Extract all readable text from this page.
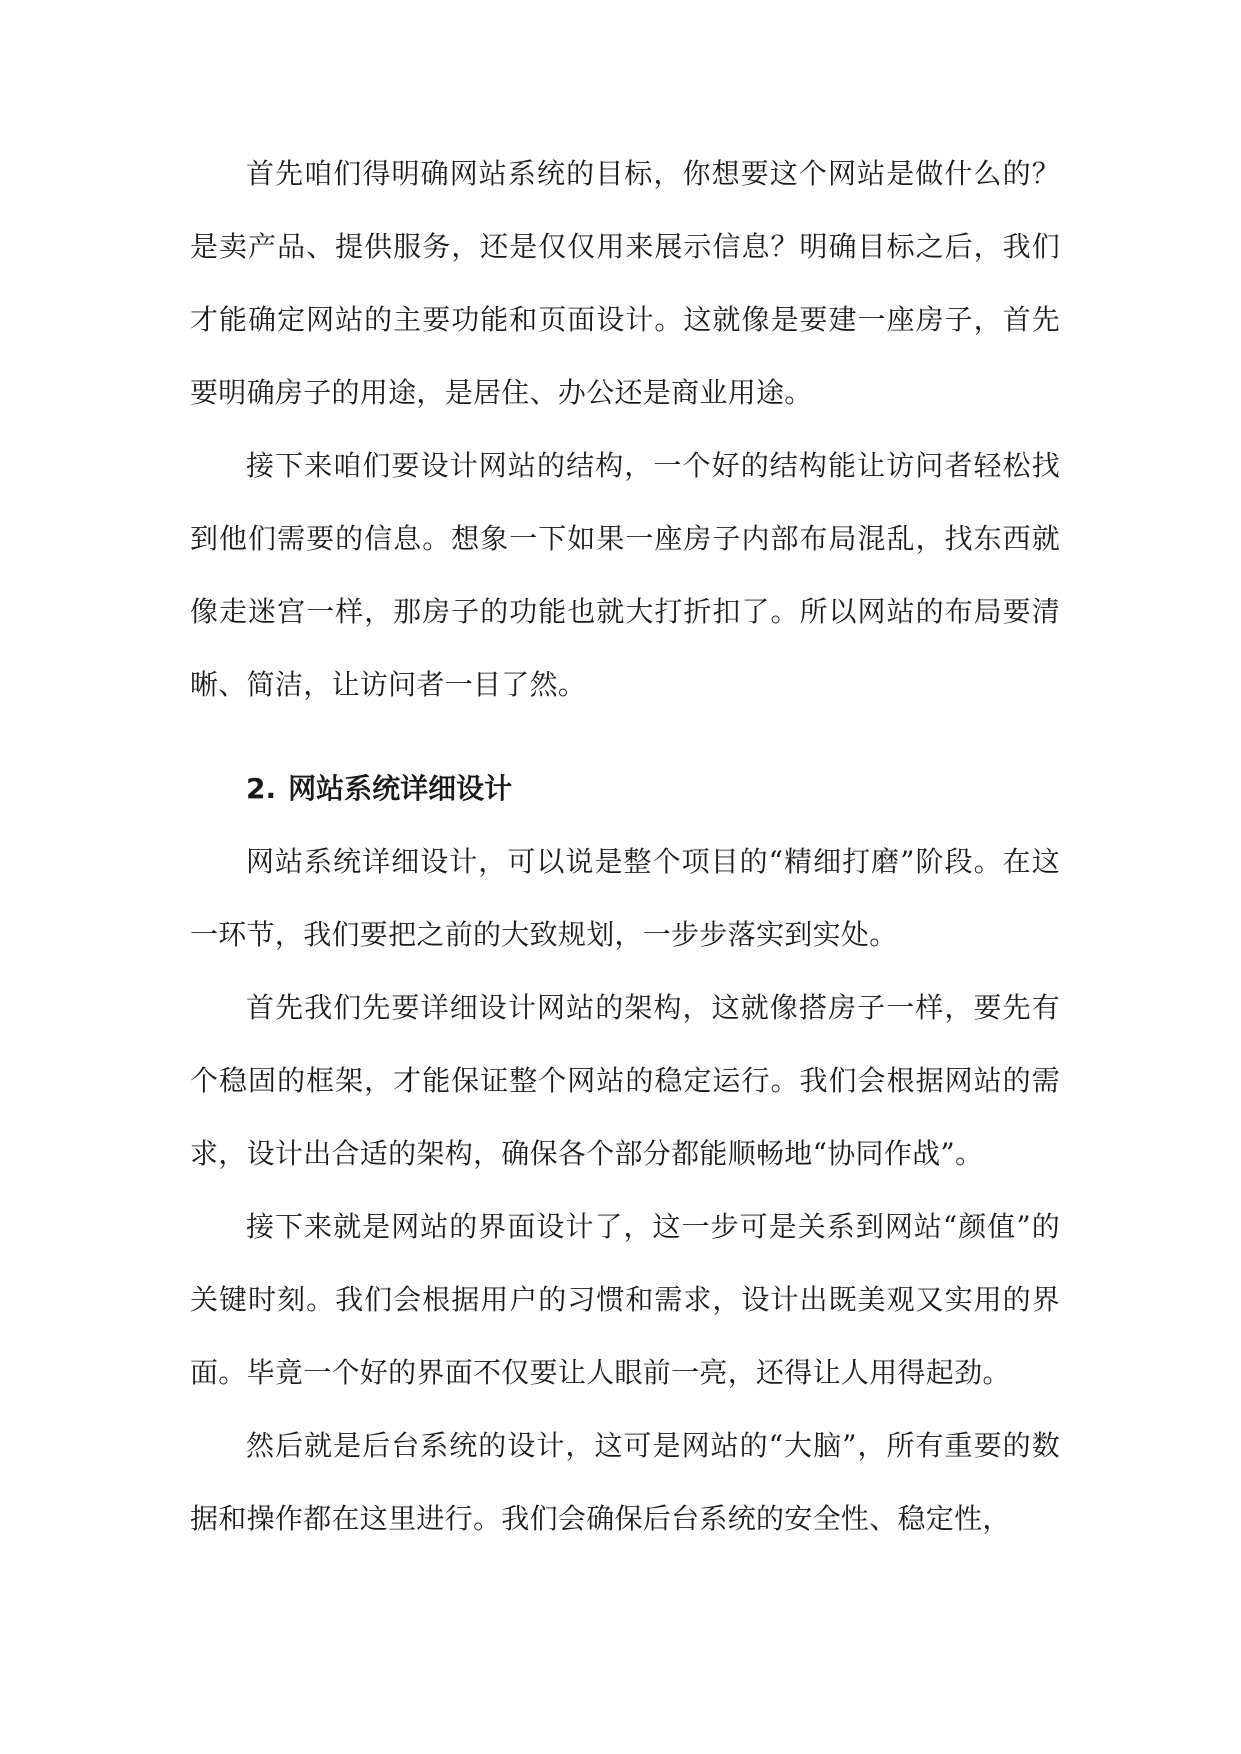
首先咱们得明确网站系统的目标，你想要这个网站是做什么的？是卖产品、提供服务，还是仅仅用来展示信息？明确目标之后，我们才能确定网站的主要功能和页面设计。这就像是要建一座房子，首先要明确房子的用途，是居住、办公还是商业用途。

接下来咱们要设计网站的结构，一个好的结构能让访问者轻松找到他们需要的信息。想象一下如果一座房子内部布局混乱，找东西就像走迷宫一样，那房子的功能也就大打折扣了。所以网站的布局要清晰、简洁，让访问者一目了然。

2. 网站系统详细设计

网站系统详细设计，可以说是整个项目的“精细打磨”阶段。在这一环节，我们要把之前的大致规划，一步步落实到实处。

首先我们先要详细设计网站的架构，这就像搭房子一样，要先有个稳固的框架，才能保证整个网站的稳定运行。我们会根据网站的需求，设计出合适的架构，确保各个部分都能顺畅地“协同作战”。

接下来就是网站的界面设计了，这一步可是关系到网站“颜值”的关键时刻。我们会根据用户的习惯和需求，设计出既美观又实用的界面。毕竟一个好的界面不仅要让人眼前一亮，还得让人用得起劲。

然后就是后台系统的设计，这可是网站的“大脑”，所有重要的数据和操作都在这里进行。我们会确保后台系统的安全性、稳定性，
